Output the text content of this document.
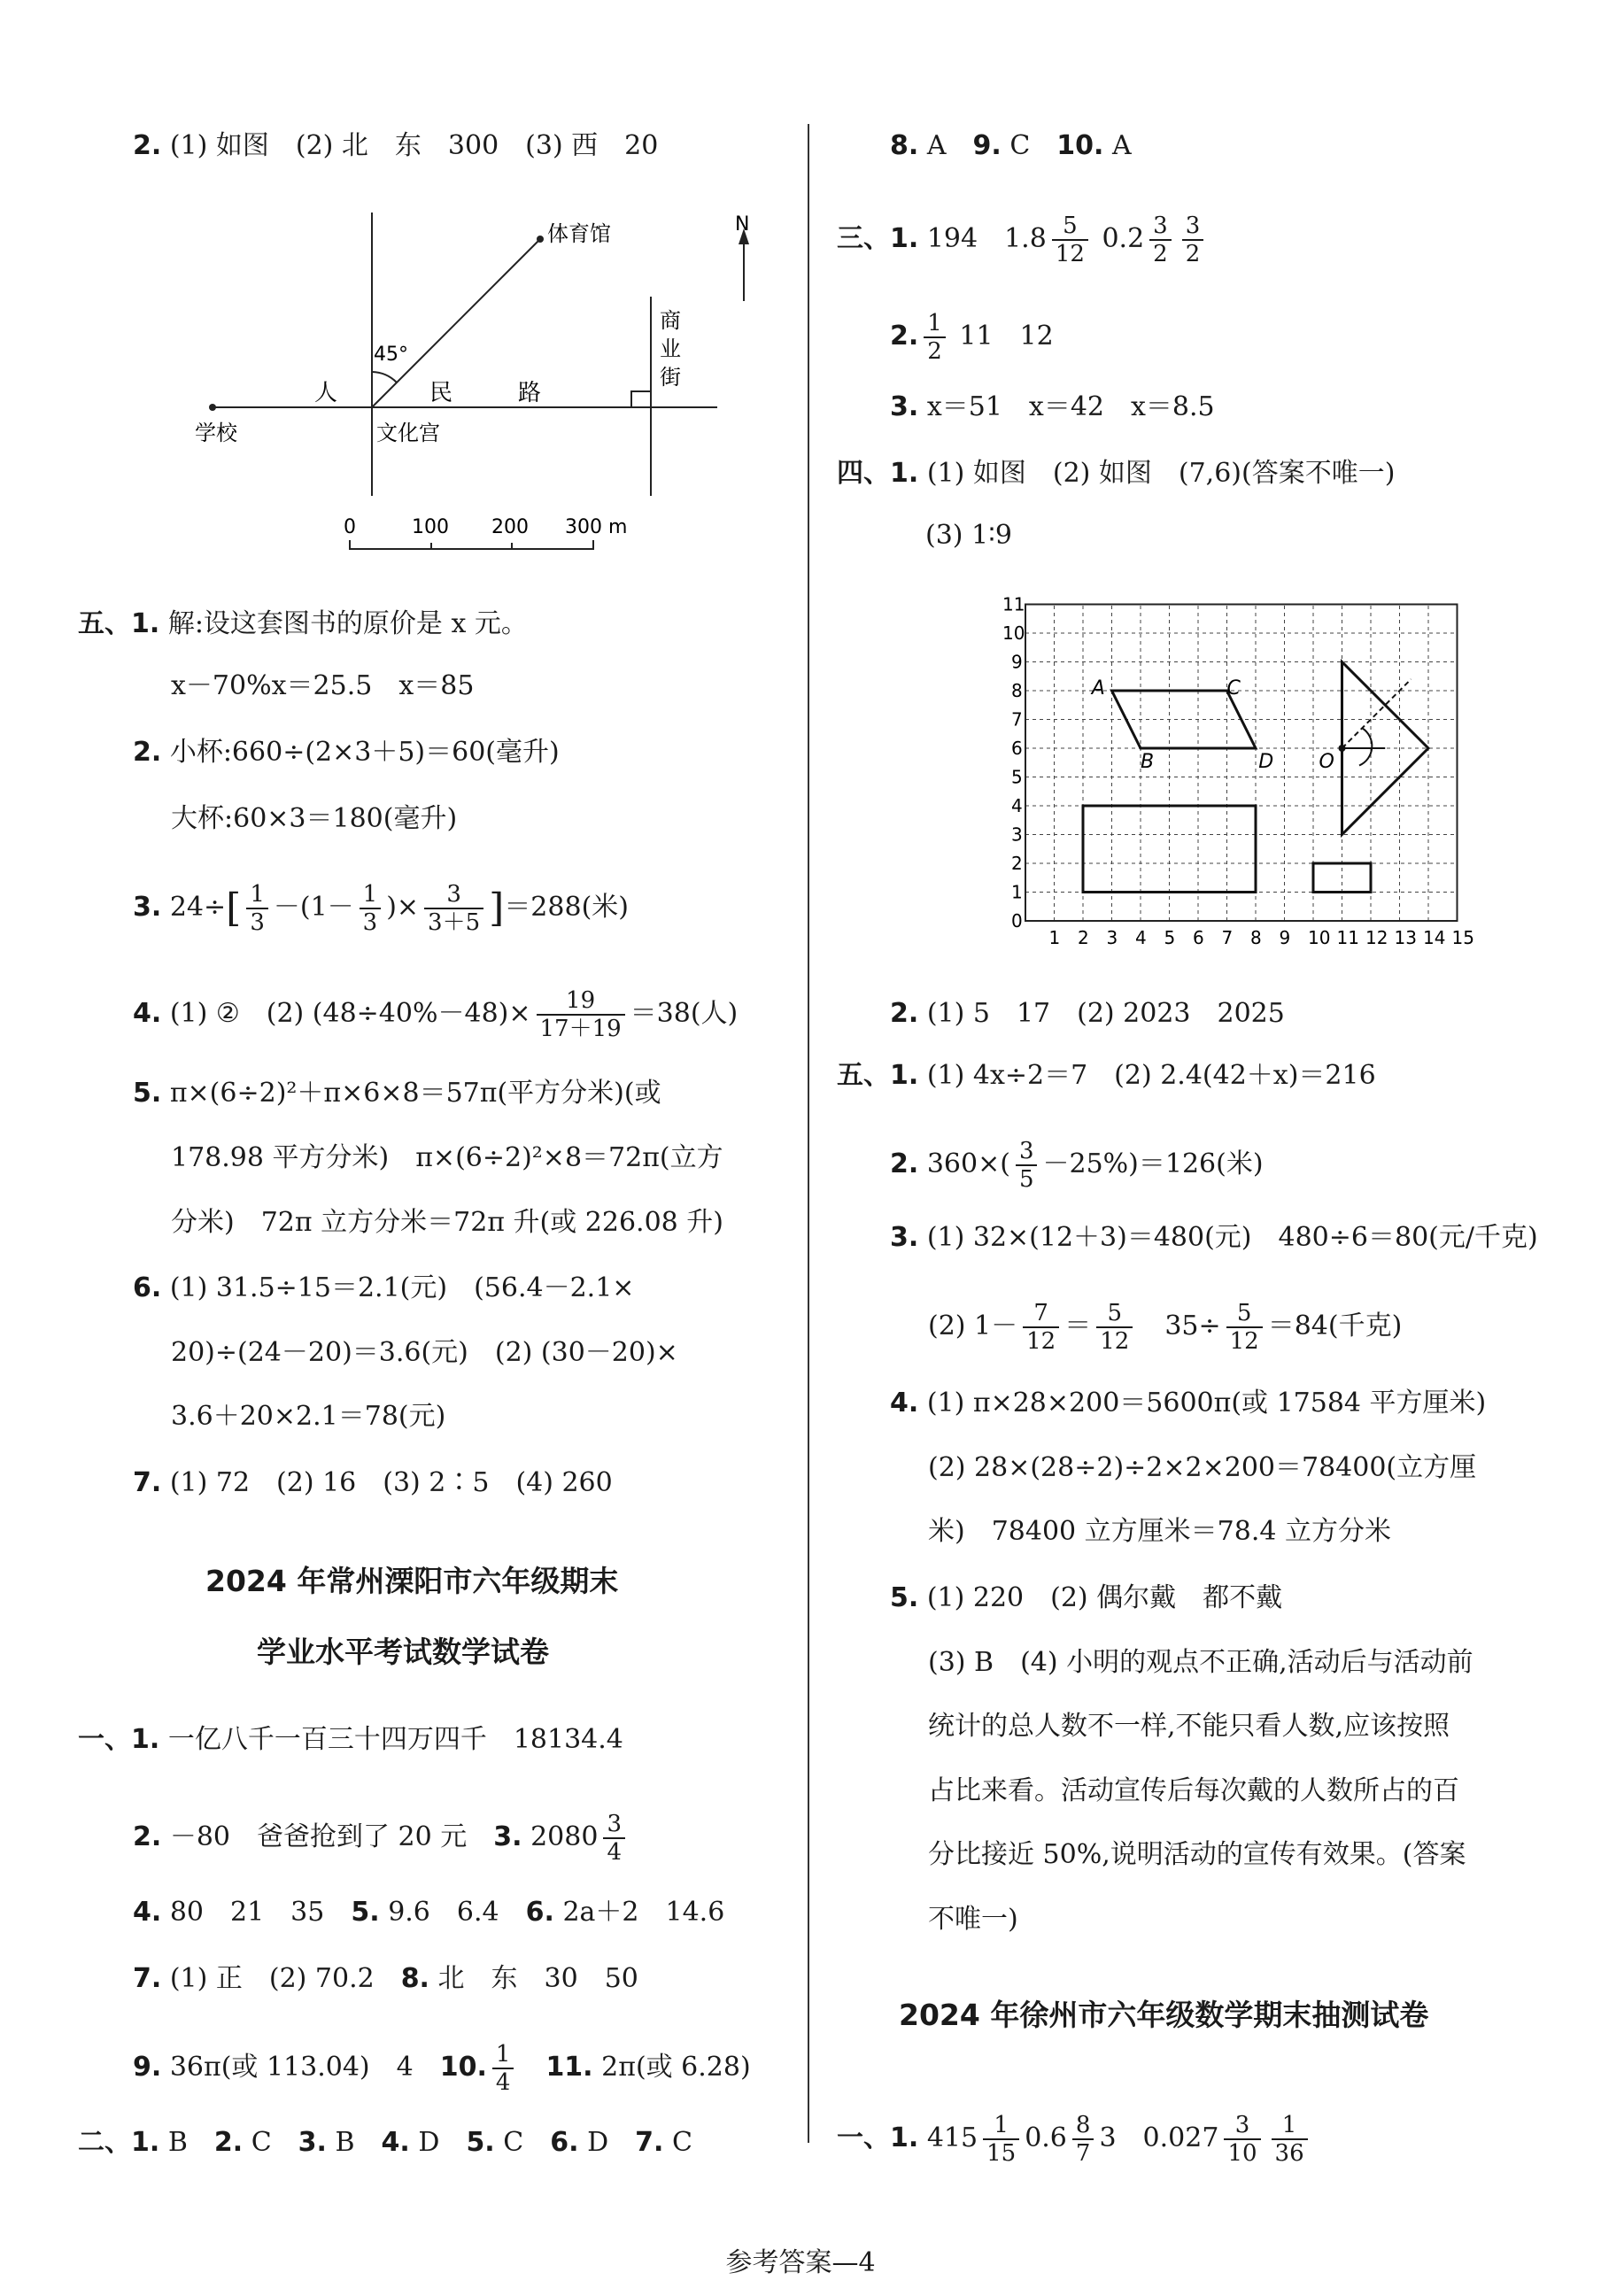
2. (1) 如图　(2) 北　东　300　(3) 西　20
N
体育馆
45°
商
业
街
人	民	路
学校	文化宫
0	100 200 300 m
五、1. 解:设这套图书的原价是 x 元。
x－70%x＝25.5　x＝85
2. 小杯:660÷(2×3＋5)＝60(毫升)
大杯:60×3＝180(毫升)
3. $24\div[ \frac{1}{3} -(1- \frac{1}{3}$ )× $\frac{3}{3+5} ]=288$(米)
4. (1) ②　(2) $(48\div 40\%-48)\times \frac{19}{17+19} =38$(人)
5. π×(6÷2)²＋π×6×8＝57π(平方分米)(或
178.98 平方分米)　π×(6÷2)²×8＝72π(立方
分米)　72π 立方分米＝72π 升(或 226.08 升)
6. (1) 31.5÷15＝2.1(元)　(56.4－2.1×
20)÷(24－20)＝3.6(元)　(2) (30－20)×
3.6＋20×2.1＝78(元)
7. (1) 72　(2) 16　(3) 2∶5　(4) 260
2024 年常州溧阳市六年级期末
学业水平考试数学试卷
一、1. 一亿八千一百三十四万四千　18134.4
2. －80　爸爸抢到了 20 元　 3. $2080 \frac{3}{4}$
4. 80　21　35　 5. 9.6　6.4　 6. 2a＋2　14.6
7. (1) 正　(2) 70.2　 8. 北　东　30　50
9. 36π(或 113.04)　4　 10. $\frac{1}{4}$
　 11. 2π(或 6.28)
二、1. B　 2. C　 3. B　 4. D　 5. C　 6. D　 7. C
8. A　 9. C　 10. A
三、1. 194　$1.8 \frac{5}{12} 0.2 \frac{3}{2} \frac{3}{2}$
2. $\frac{1}{2} 11$　12
3. x＝51　x＝42　x＝8.5
四、1. (1) 如图　(2) 如图　(7,6)(答案不唯一)
(3) 1∶9
1 2 3 4 5 6 7 8 9 10 11 12 13 14 15
0
1
2
3
4
5
6
7
8
9
10
11
A	C
B	D O
2. (1) 5　17　(2) 2023　2025
五、1. (1) 4x÷2＝7　(2) 2.4(42＋x)＝216
2. $360\times( \frac{3}{5} -25\%)=126$(米)
3. (1) 32×(12＋3)＝480(元)　480÷6＝80(元/千克)
(2) $1- \frac{7}{12} = \frac{5}{12}$
　 $35\div \frac{5}{12} =84$(千克)
4. (1) π×28×200＝5600π(或 17584 平方厘米)
(2) 28×(28÷2)÷2×2×200＝78400(立方厘
米)　78400 立方厘米＝78.4 立方分米
5. (1) 220　(2) 偶尔戴　都不戴
(3) B　(4) 小明的观点不正确,活动后与活动前
统计的总人数不一样,不能只看人数,应该按照
占比来看。活动宣传后每次戴的人数所占的百
分比接近 50%,说明活动的宣传有效果。(答案
不唯一)
2024 年徐州市六年级数学期末抽测试卷
一、1. $415 \frac{1}{15} 0.6 \frac{8}{7} 3$　$0.027 \frac{3}{10} \frac{1}{36}$
参考答案—4
